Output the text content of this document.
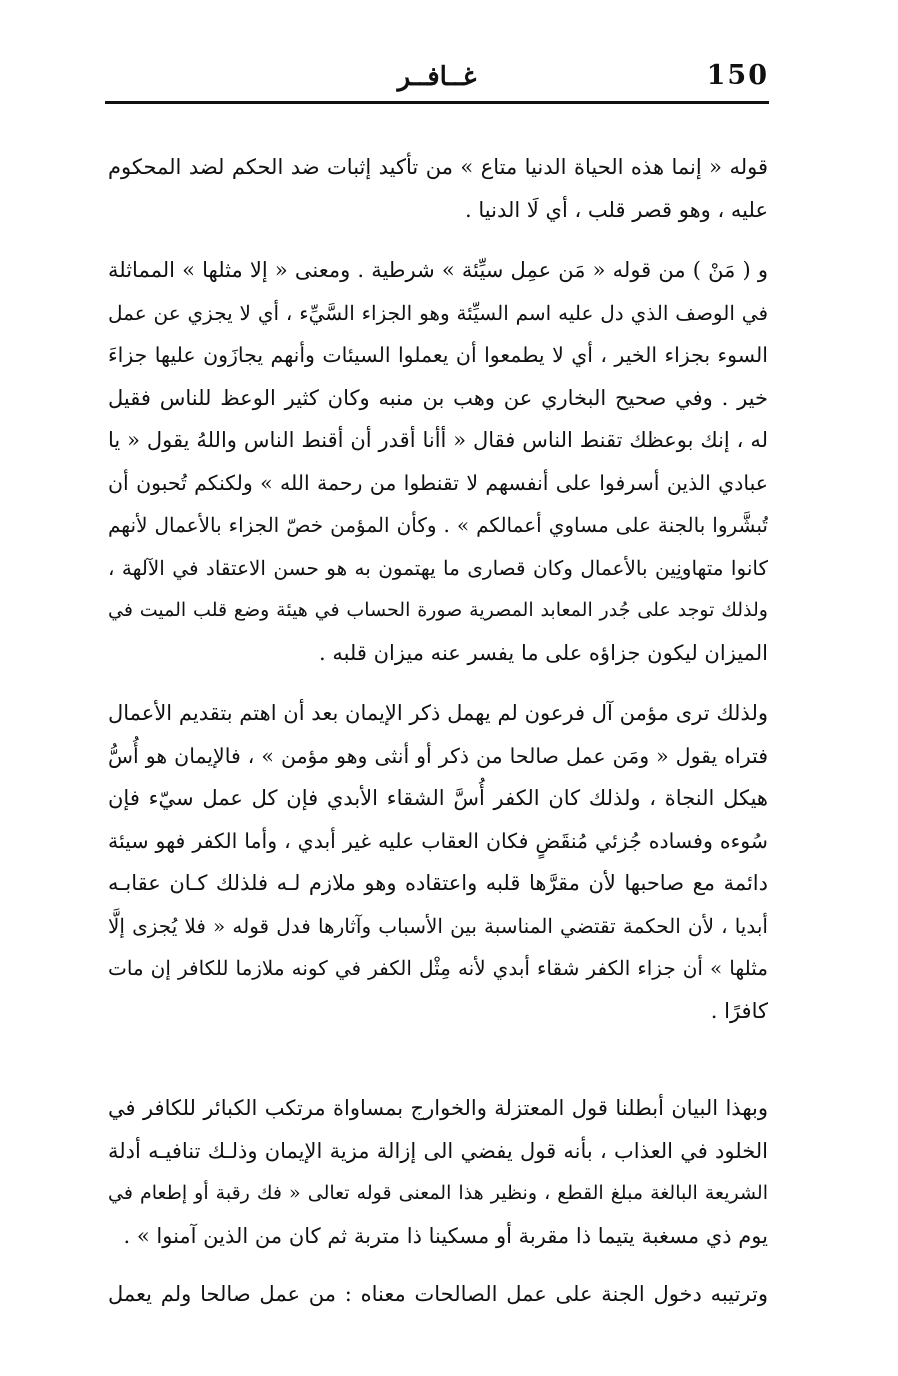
150
غــافــر
قوله « إنما هذه الحياة الدنيا متاع » من تأكيد إثبات ضد الحكم لضد المحكوم
عليه ، وهو قصر قلب ، أي لَا الدنيا .
و ( مَنْ ) من قوله « مَن عمِل سيِّئة » شرطية . ومعنى « إلا مثلها » المماثلة
في الوصف الذي دل عليه اسم السيِّئة وهو الجزاء السَّيِّء ، أي لا يجزي عن عمل
السوء بجزاء الخير ، أي لا يطمعوا أن يعملوا السيئات وأنهم يجازَون عليها جزاءَ
خير . وفي صحيح البخاري عن وهب بن منبه وكان كثير الوعظ للناس فقيل
له ، إنك بوعظك تقنط الناس فقال « أأنا أقدر أن أقنط الناس واللهُ يقول « يا
عبادي الذين أسرفوا على أنفسهم لا تقنطوا من رحمة الله » ولكنكم تُحبون أن
تُبشَّروا بالجنة على مساوي أعمالكم » . وكأن المؤمن خصّ الجزاء بالأعمال لأنهم
كانوا متهاونِين بالأعمال وكان قصارى ما يهتمون به هو حسن الاعتقاد في الآلهة ،
ولذلك توجد على جُدر المعابد المصرية صورة الحساب في هيئة وضع قلب الميت في
الميزان ليكون جزاؤه على ما يفسر عنه ميزان قلبه .
ولذلك ترى مؤمن آل فرعون لم يهمل ذكر الإيمان بعد أن اهتم بتقديم الأعمال
فتراه يقول « ومَن عمل صالحا من ذكر أو أنثى وهو مؤمن » ، فالإيمان هو أُسُّ
هيكل النجاة ، ولذلك كان الكفر أُسَّ الشقاء الأبدي فإن كل عمل سيّء فإن
سُوءه وفساده جُزئي مُنقَضٍ فكان العقاب عليه غير أبدي ، وأما الكفر فهو سيئة
دائمة مع صاحبها لأن مقرَّها قلبه واعتقاده وهو ملازم لـه فلذلك كـان عقابـه
أبديا ، لأن الحكمة تقتضي المناسبة بين الأسباب وآثارها فدل قوله « فلا يُجزى إلَّا
مثلها » أن جزاء الكفر شقاء أبدي لأنه مِثْل الكفر في كونه ملازما للكافر إن مات
كافرًا .
وبهذا البيان أبطلنا قول المعتزلة والخوارج بمساواة مرتكب الكبائر للكافر في
الخلود في العذاب ، بأنه قول يفضي الى إزالة مزية الإيمان وذلـك تنافيـه أدلة
الشريعة البالغة مبلغ القطع ، ونظير هذا المعنى قوله تعالى « فك رقبة أو إطعام في
يوم ذي مسغبة يتيما ذا مقربة أو مسكينا ذا متربة ثم كان من الذين آمنوا » .
وترتيبه دخول الجنة على عمل الصالحات معناه : من عمل صالحا ولم يعمل
